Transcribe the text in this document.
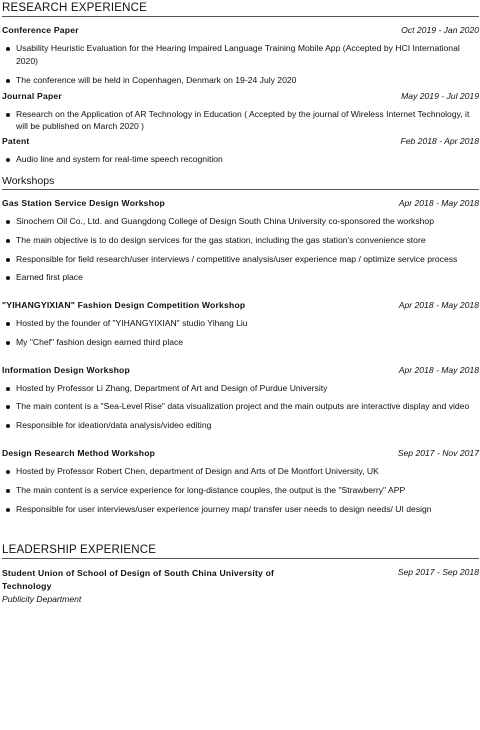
RESEARCH EXPERIENCE
Conference Paper	Oct 2019 - Jan 2020
Usability Heuristic Evaluation for the Hearing Impaired Language Training Mobile App (Accepted by HCI International 2020)
The conference will be held in Copenhagen, Denmark on 19-24 July 2020
Journal Paper	May 2019 - Jul 2019
Research on the Application of AR Technology in Education ( Accepted by the journal of Wireless Internet Technology, it will be published on March 2020 )
Patent	Feb 2018 - Apr 2018
Audio line and system for real-time speech recognition
Workshops
Gas Station Service Design Workshop	Apr 2018 - May 2018
Sinochem Oil Co., Ltd. and Guangdong College of Design South China University co-sponsored the workshop
The main objective is to do design services for the gas station, including the gas station's convenience store
Responsible for field research/user interviews / competitive analysis/user experience map / optimize service process
Earned first place
"YIHANGYIXIAN" Fashion Design Competition Workshop	Apr 2018 - May 2018
Hosted by the founder of "YIHANGYIXIAN" studio Yihang Liu
My "Chef" fashion design earned third place
Information Design Workshop	Apr 2018 - May 2018
Hosted by Professor Li Zhang, Department of Art and Design of Purdue University
The main content is a "Sea-Level Rise" data visualization project and the main outputs are interactive display and video
Responsible for ideation/data analysis/video editing
Design Research Method Workshop	Sep 2017 - Nov 2017
Hosted by Professor Robert Chen, department of Design and Arts of De Montfort University, UK
The main content is a service experience for long-distance couples, the output is the "Strawberry" APP
Responsible for user interviews/user experience journey map/ transfer user needs to design needs/ UI design
LEADERSHIP EXPERIENCE
Student Union of School of Design of South China University of Technology
Sep 2017 - Sep 2018
Publicity Department
